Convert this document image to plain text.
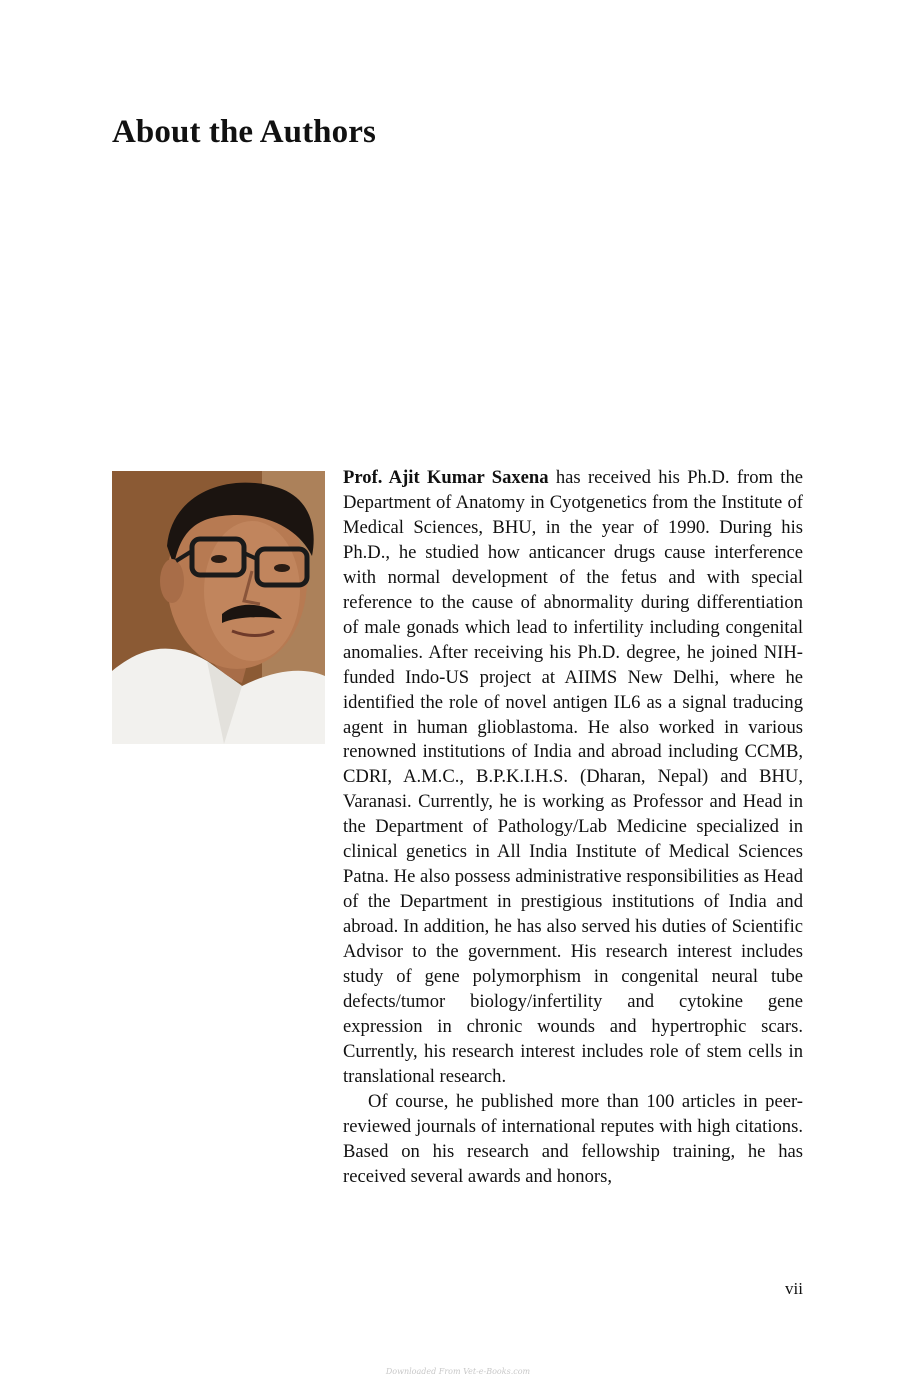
About the Authors

Prof. Ajit Kumar Saxena has received his Ph.D. from the Department of Anatomy in Cyotgenetics from the Institute of Medical Sciences, BHU, in the year of 1990. During his Ph.D., he studied how anticancer drugs cause interference with normal development of the fetus and with special reference to the cause of abnormality during differentiation of male gonads which lead to infertility including congenital anomalies. After receiving his Ph.D. degree, he joined NIH-funded Indo-US project at AIIMS New Delhi, where he identified the role of novel antigen IL6 as a signal traducing agent in human glioblastoma. He also worked in various renowned institutions of India and abroad including CCMB, CDRI, A.M.C., B.P.K.I.H.S. (Dharan, Nepal) and BHU, Varanasi. Currently, he is working as Professor and Head in the Department of Pathology/Lab Medicine specialized in clinical genetics in All India Institute of Medical Sciences Patna. He also possess administrative responsibilities as Head of the Department in prestigious institutions of India and abroad. In addition, he has also served his duties of Scientific Advisor to the government. His research interest includes study of gene polymorphism in congenital neural tube defects/tumor biology/infertility and cytokine gene expression in chronic wounds and hypertrophic scars. Currently, his research interest includes role of stem cells in translational research.

Of course, he published more than 100 articles in peer-reviewed journals of international reputes with high citations. Based on his research and fellowship training, he has received several awards and honors,

vii
Downloaded From Vet-e-Books.com
